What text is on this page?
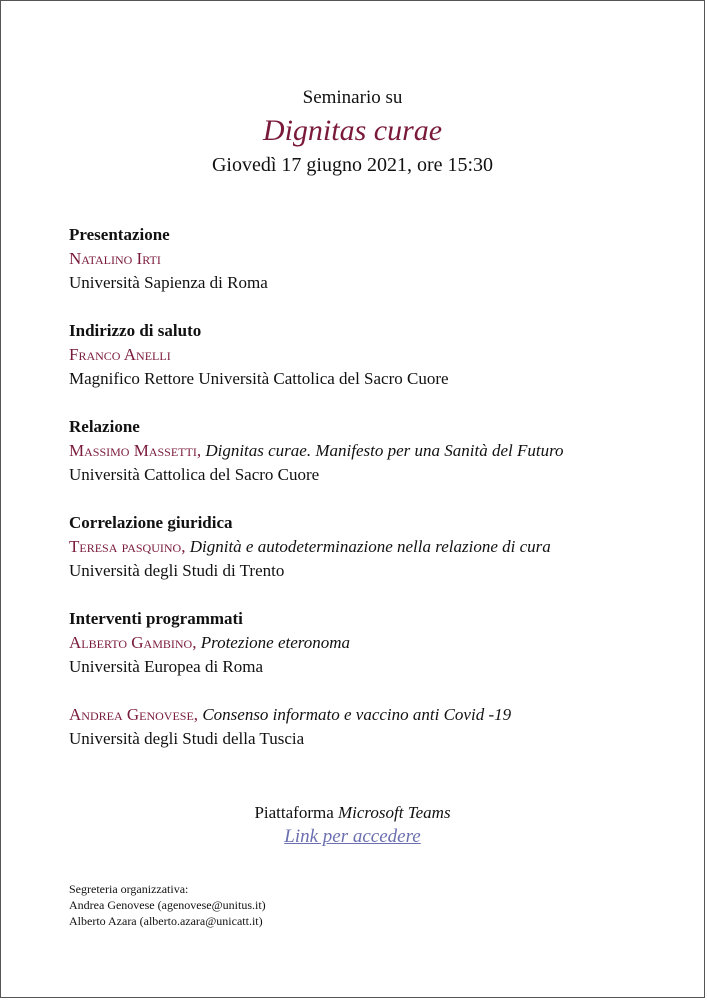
Seminario su
Dignitas curae
Giovedì 17 giugno 2021, ore 15:30
Presentazione
Natalino Irti
Università Sapienza di Roma
Indirizzo di saluto
Franco Anelli
Magnifico Rettore Università Cattolica del Sacro Cuore
Relazione
Massimo Massetti, Dignitas curae. Manifesto per una Sanità del Futuro
Università Cattolica del Sacro Cuore
Correlazione giuridica
Teresa pasquino, Dignità e autodeterminazione nella relazione di cura
Università degli Studi di Trento
Interventi programmati
Alberto Gambino, Protezione eteronoma
Università Europea di Roma
Andrea Genovese, Consenso informato e vaccino anti Covid -19
Università degli Studi della Tuscia
Piattaforma Microsoft Teams
Link per accedere
Segreteria organizzativa:
Andrea Genovese (agenovese@unitus.it)
Alberto Azara (alberto.azara@unicatt.it)
